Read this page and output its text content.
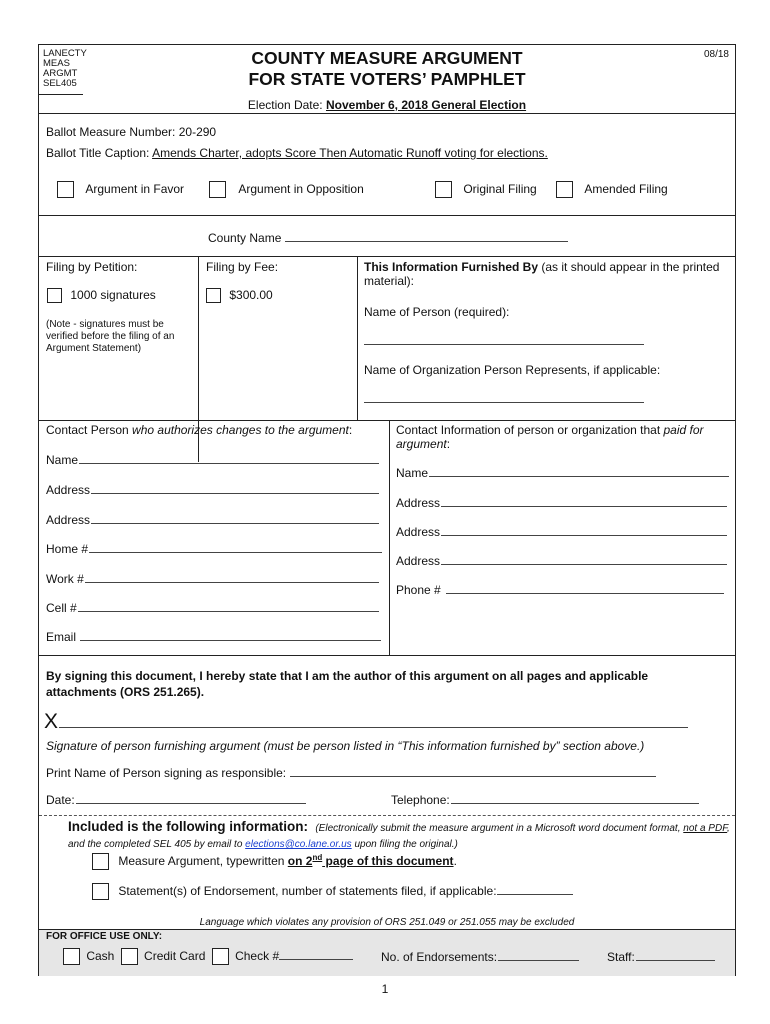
LANECTY
MEAS
ARGMT
SEL405
COUNTY MEASURE ARGUMENT
FOR STATE VOTERS’ PAMPHLET
08/18
Election Date: November 6, 2018 General Election
Ballot Measure Number: 20-290
Ballot Title Caption: Amends Charter, adopts Score Then Automatic Runoff voting for elections.
Argument in Favor	Argument in Opposition	Original Filing	Amended Filing
County Name
Filing by Petition:
1000 signatures
(Note - signatures must be verified before the filing of an Argument Statement)
Filing by Fee:
$300.00
This Information Furnished By (as it should appear in the printed material):
Name of Person (required):
Name of Organization Person Represents, if applicable:
Contact Person who authorizes changes to the argument:
Name
Address
Address
Home #
Work #
Cell #
Email
Contact Information of person or organization that paid for argument:
Name
Address
Address
Address
Phone #
By signing this document, I hereby state that I am the author of this argument on all pages and applicable attachments (ORS 251.265).
X
Signature of person furnishing argument (must be person listed in “This information furnished by” section above.)
Print Name of Person signing as responsible:
Date:	Telephone:
Included is the following information: (Electronically submit the measure argument in a Microsoft word document format, not a PDF, and the completed SEL 405 by email to elections@co.lane.or.us upon filing the original.)
Measure Argument, typewritten on 2nd page of this document.
Statement(s) of Endorsement, number of statements filed, if applicable:
Language which violates any provision of ORS 251.049 or 251.055 may be excluded
FOR OFFICE USE ONLY:
Cash Credit Card Check #	No. of Endorsements:	Staff:
1
